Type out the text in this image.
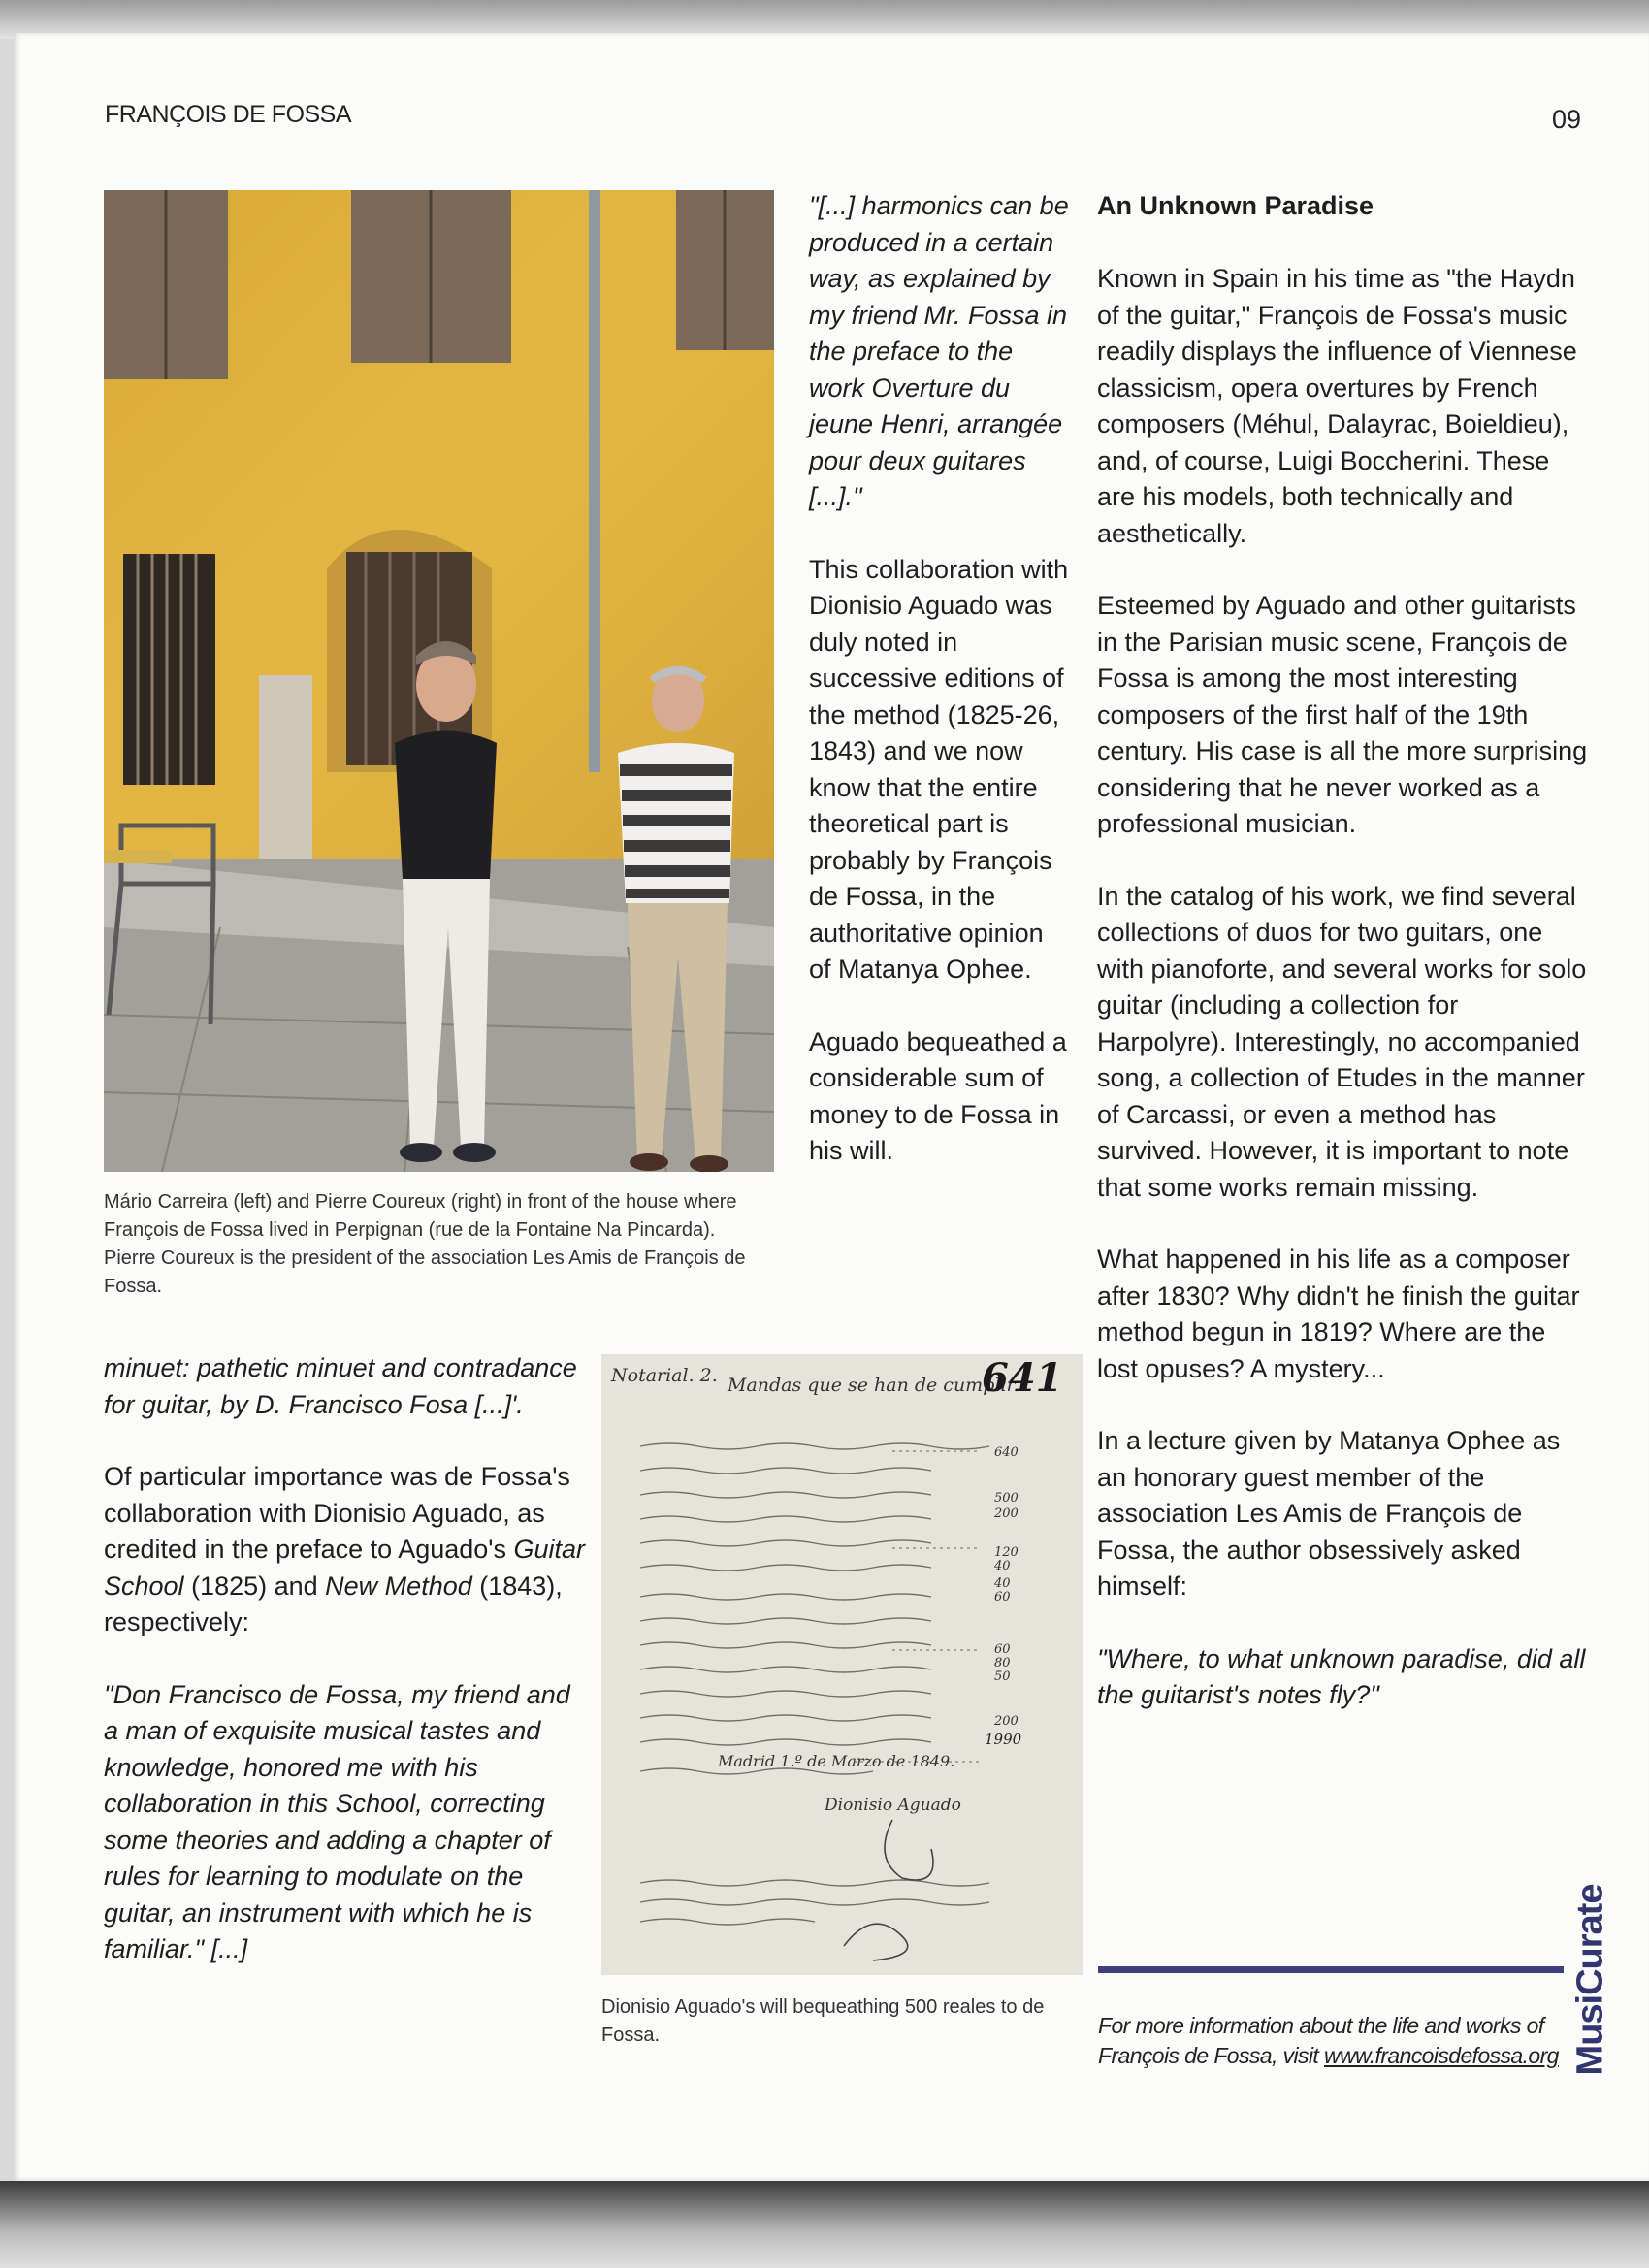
FRANÇOIS DE FOSSA	09
Mário Carreira (left) and Pierre Coureux (right) in front of the house where François de Fossa lived in Perpignan (rue de la Fontaine Na Pincarda). Pierre Coureux is the president of the association Les Amis de François de Fossa.

"[...] harmonics can be produced in a certain way, as explained by my friend Mr. Fossa in the preface to the work Overture du jeune Henri, arrangée pour deux guitares [...]."

This collaboration with Dionisio Aguado was duly noted in successive editions of the method (1825-26, 1843) and we now know that the entire theoretical part is probably by François de Fossa, in the authoritative opinion of Matanya Ophee.

Aguado bequeathed a considerable sum of money to de Fossa in his will.

An Unknown Paradise

Known in Spain in his time as "the Haydn of the guitar," François de Fossa's music readily displays the influence of Viennese classicism, opera overtures by French composers (Méhul, Dalayrac, Boieldieu), and, of course, Luigi Boccherini. These are his models, both technically and aesthetically.

Esteemed by Aguado and other guitarists in the Parisian music scene, François de Fossa is among the most interesting composers of the first half of the 19th century. His case is all the more surprising considering that he never worked as a professional musician.

In the catalog of his work, we find several collections of duos for two guitars, one with pianoforte, and several works for solo guitar (including a collection for Harpolyre). Interestingly, no accompanied song, a collection of Etudes in the manner of Carcassi, or even a method has survived. However, it is important to note that some works remain missing.

What happened in his life as a composer after 1830? Why didn't he finish the guitar method begun in 1819? Where are the lost opuses? A mystery...

In a lecture given by Matanya Ophee as an honorary guest member of the association Les Amis de François de Fossa, the author obsessively asked himself:

"Where, to what unknown paradise, did all the guitarist's notes fly?"

minuet: pathetic minuet and contradance for guitar, by D. Francisco Fosa [...]'.

Of particular importance was de Fossa's collaboration with Dionisio Aguado, as credited in the preface to Aguado's Guitar School (1825) and New Method (1843), respectively:

"Don Francisco de Fossa, my friend and a man of exquisite musical tastes and knowledge, honored me with his collaboration in this School, correcting some theories and adding a chapter of rules for learning to modulate on the guitar, an instrument with which he is familiar." [...]

Notarial. 2. Mandas que se han de cumplir.
641
640
500
200
120
40
40
60
60
80
50
200
1990
Madrid 1.º de Marzo de 1849.
Dionisio Aguado
Dionisio Aguado's will bequeathing 500 reales to de Fossa.	For more information about the life and works of François de Fossa, visit www.francoisdefossa.org MusiCurate
